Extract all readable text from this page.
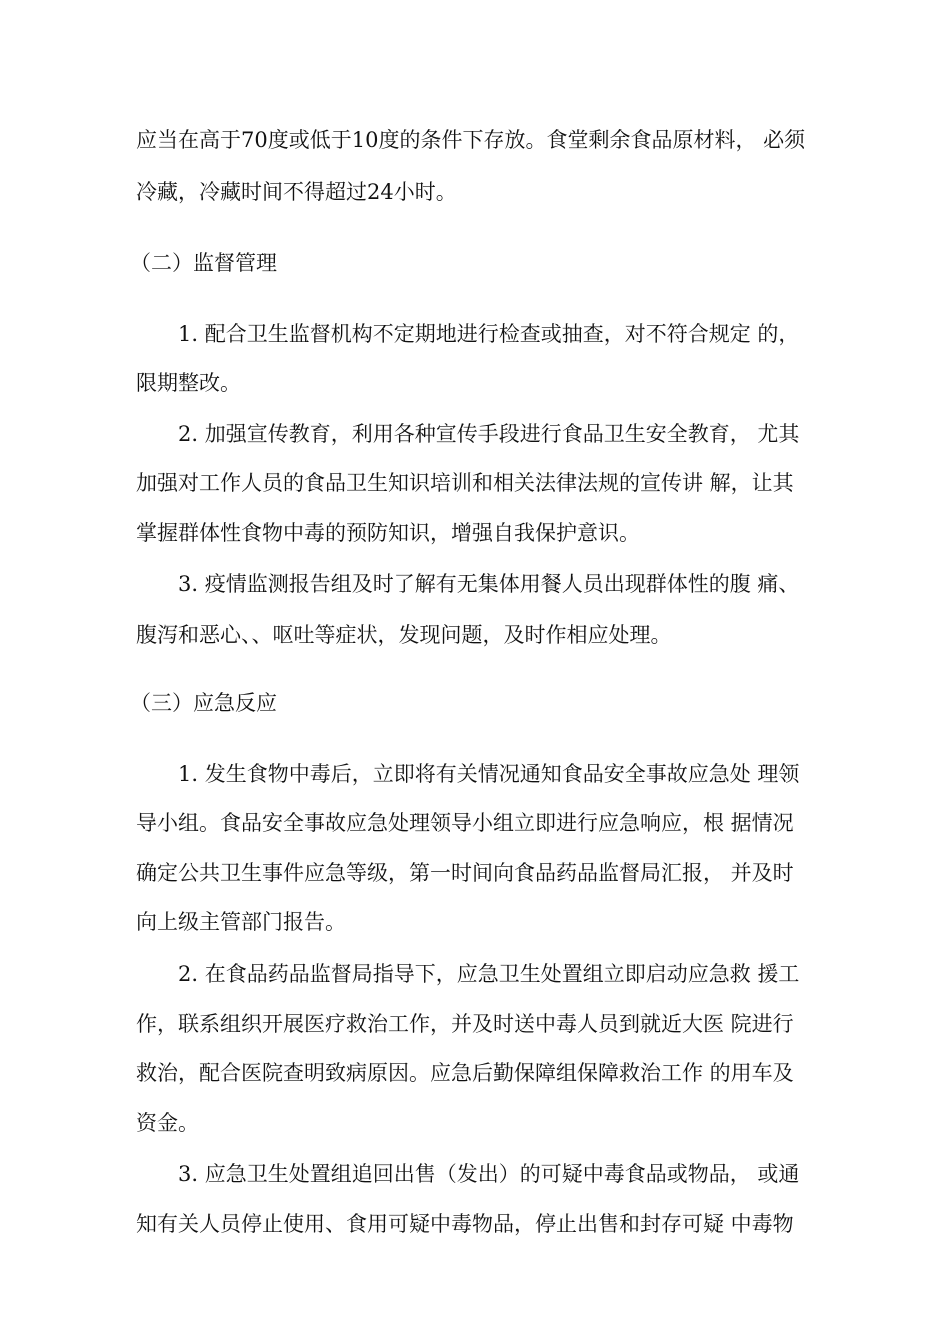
应当在高于70度或低于10度的条件下存放。食堂剩余食品原材料， 必须
冷藏，冷藏时间不得超过24小时。
（二）监督管理
1. 配合卫生监督机构不定期地进行检查或抽查，对不符合规定 的，
限期整改。
2. 加强宣传教育，利用各种宣传手段进行食品卫生安全教育， 尤其
加强对工作人员的食品卫生知识培训和相关法律法规的宣传讲 解，让其
掌握群体性食物中毒的预防知识，增强自我保护意识。
3. 疫情监测报告组及时了解有无集体用餐人员出现群体性的腹 痛、
腹泻和恶心、、呕吐等症状，发现问题，及时作相应处理。
（三）应急反应
1. 发生食物中毒后，立即将有关情况通知食品安全事故应急处 理领
导小组。食品安全事故应急处理领导小组立即进行应急响应，根 据情况
确定公共卫生事件应急等级，第一时间向食品药品监督局汇报， 并及时
向上级主管部门报告。
2. 在食品药品监督局指导下，应急卫生处置组立即启动应急救 援工
作，联系组织开展医疗救治工作，并及时送中毒人员到就近大医 院进行
救治，配合医院查明致病原因。应急后勤保障组保障救治工作 的用车及
资金。
3. 应急卫生处置组追回出售（发出）的可疑中毒食品或物品， 或通
知有关人员停止使用、食用可疑中毒物品，停止出售和封存可疑 中毒物
